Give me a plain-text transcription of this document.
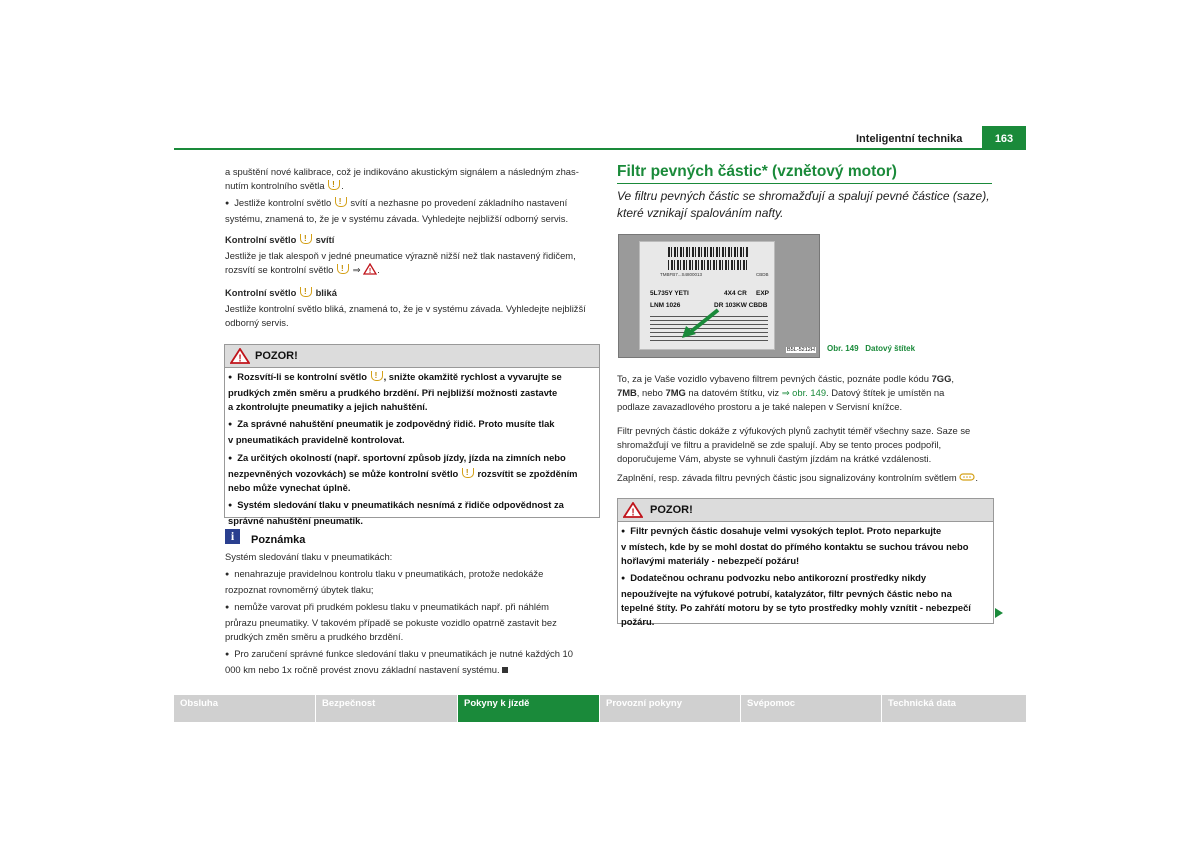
Inteligentní technika	163
a spuštění nové kalibrace, což je indikováno akustickým signálem a následným zhas-
nutím kontrolního světla ! .
● Jestliže kontrolní světlo ! svítí a nezhasne po provedení základního nastavení
systému, znamená to, že je v systému závada. Vyhledejte nejbližší odborný servis.
Kontrolní světlo ! svítí
Jestliže je tlak alespoň v jedné pneumatice výrazně nižší než tlak nastavený řidičem,
rozsvítí se kontrolní světlo ! ⇒ ! .
Kontrolní světlo ! bliká
Jestliže kontrolní světlo bliká, znamená to, že je v systému závada. Vyhledejte nejbližší
odborný servis.
! POZOR!
● Rozsvítí-li se kontrolní světlo ! , snižte okamžitě rychlost a vyvarujte se
prudkých změn směru a prudkého brzdění. Při nejbližší možnosti zastavte
a zkontrolujte pneumatiky a jejich nahuštění.
● Za správné nahuštění pneumatik je zodpovědný řidič. Proto musíte tlak
v pneumatikách pravidelně kontrolovat.
● Za určitých okolností (např. sportovní způsob jízdy, jízda na zimních nebo
nezpevněných vozovkách) se může kontrolní světlo ! rozsvítit se zpožděním
nebo může vynechat úplně.
● Systém sledování tlaku v pneumatikách nesnímá z řidiče odpovědnost za
správné nahuštění pneumatik.
i	Poznámka
Systém sledování tlaku v pneumatikách:
● nenahrazuje pravidelnou kontrolu tlaku v pneumatikách, protože nedokáže
rozpoznat rovnoměrný úbytek tlaku;
● nemůže varovat při prudkém poklesu tlaku v pneumatikách např. při náhlém
průrazu pneumatiky. V takovém případě se pokuste vozidlo opatrně zastavit bez
prudkých změn směru a prudkého brzdění.
● Pro zaručení správné funkce sledování tlaku v pneumatikách je nutné každých 10
000 km nebo 1x ročně provést znovu základní nastavení systému.
Filtr pevných částic* (vznětový motor)
Ve filtru pevných částic se shromažďují a spalují pevné částice (saze),
které vznikají spalováním nafty.
TMBFB7...S4800013	CBDB
5L735Y YETI	4X4 CR EXP
LNM 1026	DR 103KW CBDB
B5L-5212H Obr. 149 Datový štítek
To, za je Vaše vozidlo vybaveno filtrem pevných částic, poznáte podle kódu 7GG,
7MB, nebo 7MG na datovém štítku, viz ⇒ obr. 149. Datový štítek je umístěn na
podlaze zavazadlového prostoru a je také nalepen v Servisní knížce.
Filtr pevných částic dokáže z výfukových plynů zachytit téměř všechny saze. Saze se
shromažďují ve filtru a pravidelně se zde spalují. Aby se tento proces podpořil,
doporučujeme Vám, abyste se vyhnuli častým jízdám na krátké vzdálenosti.
Zaplnění, resp. závada filtru pevných částic jsou signalizovány kontrolním světlem .
! POZOR!
● Filtr pevných částic dosahuje velmi vysokých teplot. Proto neparkujte
v místech, kde by se mohl dostat do přímého kontaktu se suchou trávou nebo
hořlavými materiály - nebezpečí požáru!
● Dodatečnou ochranu podvozku nebo antikorozní prostředky nikdy
nepoužívejte na výfukové potrubí, katalyzátor, filtr pevných částic nebo na
tepelné štíty. Po zahřátí motoru by se tyto prostředky mohly vznítit - nebezpečí
požáru.
Obsluha	Bezpečnost	Pokyny k jízdě	Provozní pokyny	Svépomoc	Technická data
